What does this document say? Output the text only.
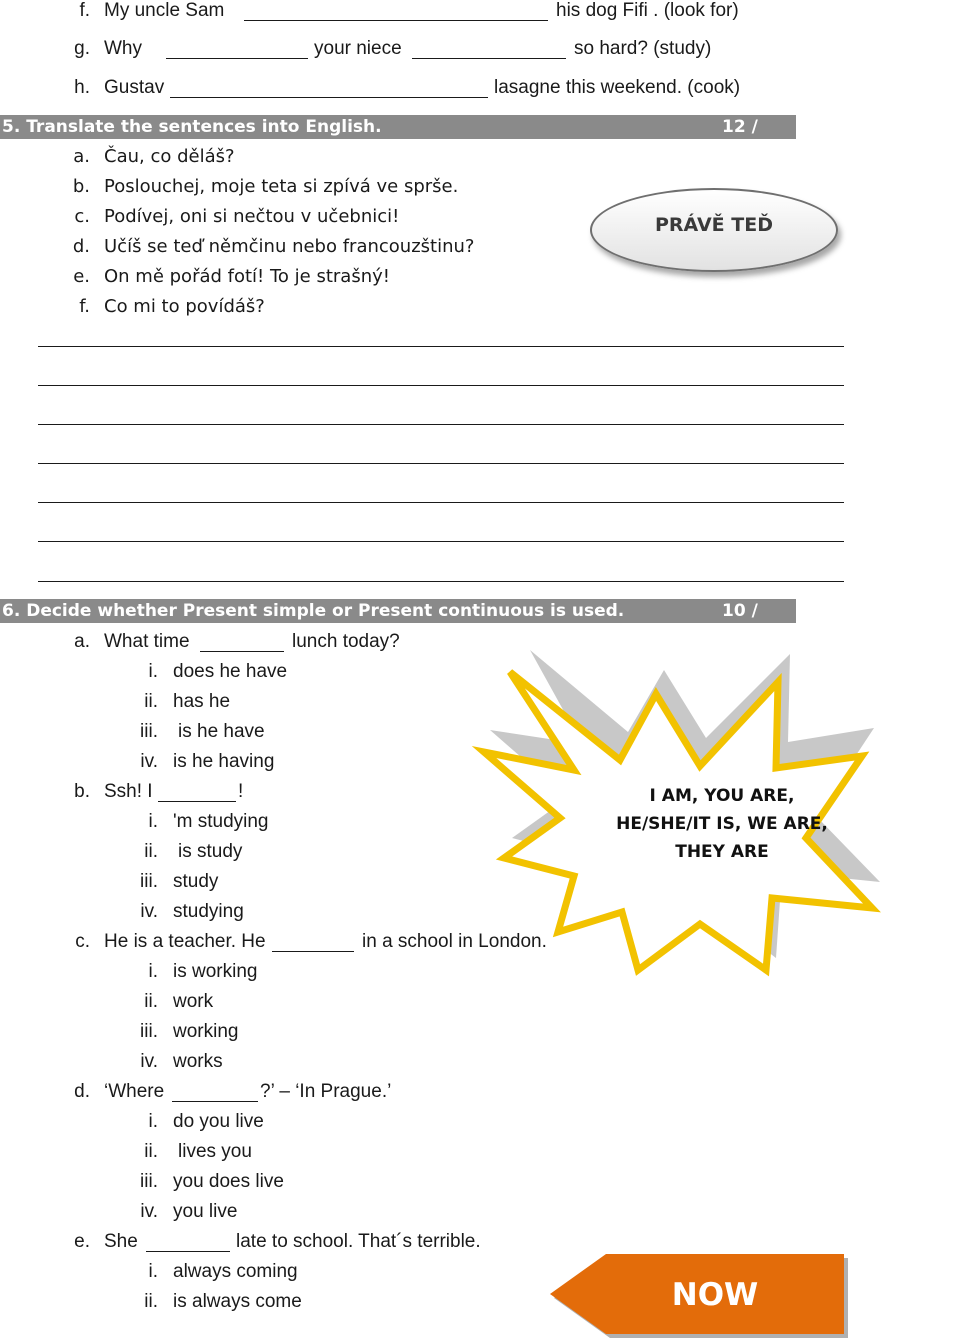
f. My uncle Sam	his dog Fifi . (look for)
g. Why	your niece	so hard? (study)
h. Gustav	lasagne this weekend. (cook)
5. Translate the sentences into English.	12 /
a. Čau, co děláš?
b. Poslouchej, moje teta si zpívá ve sprše.
c. Podívej, oni si nečtou v učebnici!
d. Učíš se teď němčinu nebo francouzštinu?
e. On mě pořád fotí! To je strašný!
f. Co mi to povídáš?
PRÁVĚ TEĎ
6. Decide whether Present simple or Present continuous is used.	10 /
I AM, YOU ARE,
HE/SHE/IT IS, WE ARE,
THEY ARE
a. What time	lunch today?
i. does he have
ii. has he
iii. is he have
iv. is he having
b. Ssh! I	!
i. 'm studying
ii. is study
iii. study
iv. studying
c. He is a teacher. He	in a school in London.
i. is working
ii. work
iii. working
iv. works
d. ‘Where	?’ – ‘In Prague.’
i. do you live
ii. lives you
iii. you does live
iv. you live
e. She	late to school. That´s terrible.
i. always coming
ii. is always come	NOW
